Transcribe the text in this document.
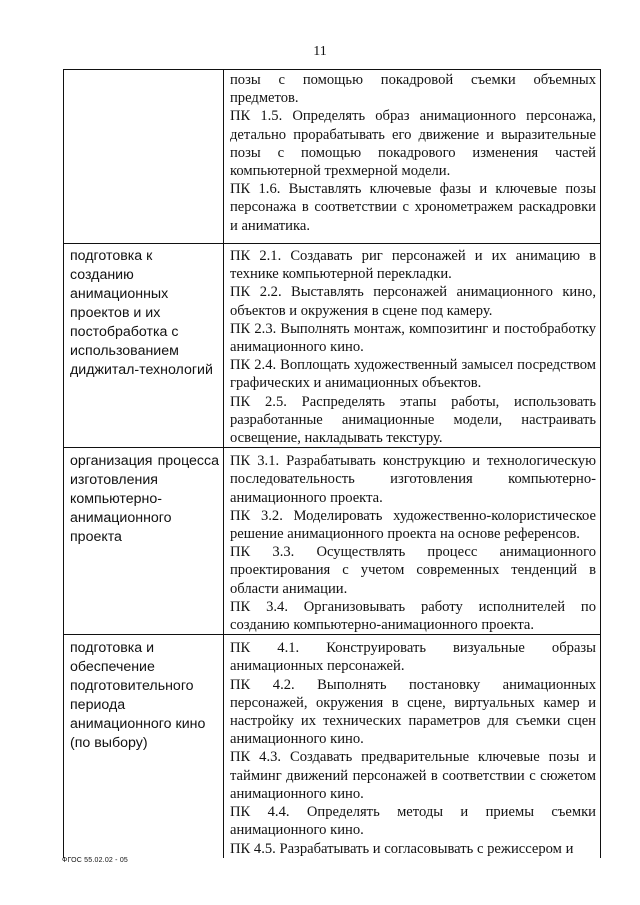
11

	позы с помощью покадровой съемки объемных предметов.
ПК 1.5. Определять образ анимационного персонажа, детально прорабатывать его движение и выразительные позы с помощью покадрового изменения частей компьютерной трехмерной модели.
ПК 1.6. Выставлять ключевые фазы и ключевые позы персонажа в соответствии с хронометражем раскадровки и аниматика.

подготовка к созданию анимационных проектов и их постобработка с использованием диджитал-технологий	ПК 2.1. Создавать риг персонажей и их анимацию в технике компьютерной перекладки.
ПК 2.2. Выставлять персонажей анимационного кино, объектов и окружения в сцене под камеру.
ПК 2.3. Выполнять монтаж, композитинг и постобработку анимационного кино.
ПК 2.4. Воплощать художественный замысел посредством графических и анимационных объектов.
ПК 2.5. Распределять этапы работы, использовать разработанные анимационные модели, настраивать освещение, накладывать текстуру.

организация процесса изготовления компьютерно-анимационного проекта	ПК 3.1. Разрабатывать конструкцию и технологическую последовательность изготовления компьютерно-анимационного проекта.
ПК 3.2. Моделировать художественно-колористическое решение анимационного проекта на основе референсов.
ПК 3.3. Осуществлять процесс анимационного проектирования с учетом современных тенденций в области анимации.
ПК 3.4. Организовывать работу исполнителей по созданию компьютерно-анимационного проекта.

подготовка и обеспечение подготовительного периода анимационного кино (по выбору)	ПК 4.1. Конструировать визуальные образы анимационных персонажей.
ПК 4.2. Выполнять постановку анимационных персонажей, окружения в сцене, виртуальных камер и настройку их технических параметров для съемки сцен анимационного кино.
ПК 4.3. Создавать предварительные ключевые позы и тайминг движений персонажей в соответствии с сюжетом анимационного кино.
ПК 4.4. Определять методы и приемы съемки анимационного кино.
ПК 4.5. Разрабатывать и согласовывать с режиссером и
ФГОС 55.02.02 - 05
